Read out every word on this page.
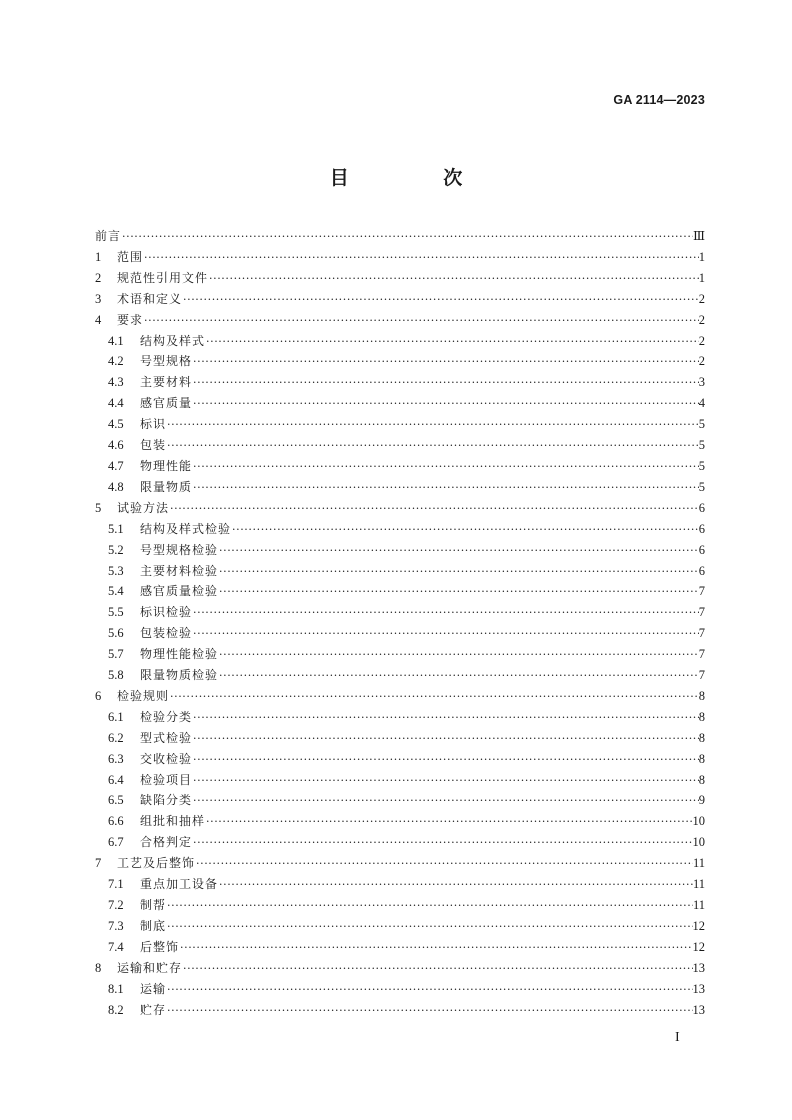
GA 2114—2023
目 次
前言 ·····	Ⅲ
1	范围 ·····	1
2	规范性引用文件 ·····	1
3	术语和定义 ·····	2
4	要求 ·····	2
4.1	结构及样式 ·····	2
4.2	号型规格 ·····	2
4.3	主要材料 ·····	3
4.4	感官质量 ·····	4
4.5	标识 ·····	5
4.6	包装 ·····	5
4.7	物理性能 ·····	5
4.8	限量物质 ·····	5
5	试验方法 ·····	6
5.1	结构及样式检验 ·····	6
5.2	号型规格检验 ·····	6
5.3	主要材料检验 ·····	6
5.4	感官质量检验 ·····	7
5.5	标识检验 ·····	7
5.6	包装检验 ·····	7
5.7	物理性能检验 ·····	7
5.8	限量物质检验 ·····	7
6	检验规则 ·····	8
6.1	检验分类 ·····	8
6.2	型式检验 ·····	8
6.3	交收检验 ·····	8
6.4	检验项目 ·····	8
6.5	缺陷分类 ·····	9
6.6	组批和抽样 ·····	10
6.7	合格判定 ·····	10
7	工艺及后整饰 ·····	11
7.1	重点加工设备 ·····	11
7.2	制帮 ·····	11
7.3	制底 ·····	12
7.4	后整饰 ·····	12
8	运输和贮存 ·····	13
8.1	运输 ·····	13
8.2	贮存 ·····	13
I
